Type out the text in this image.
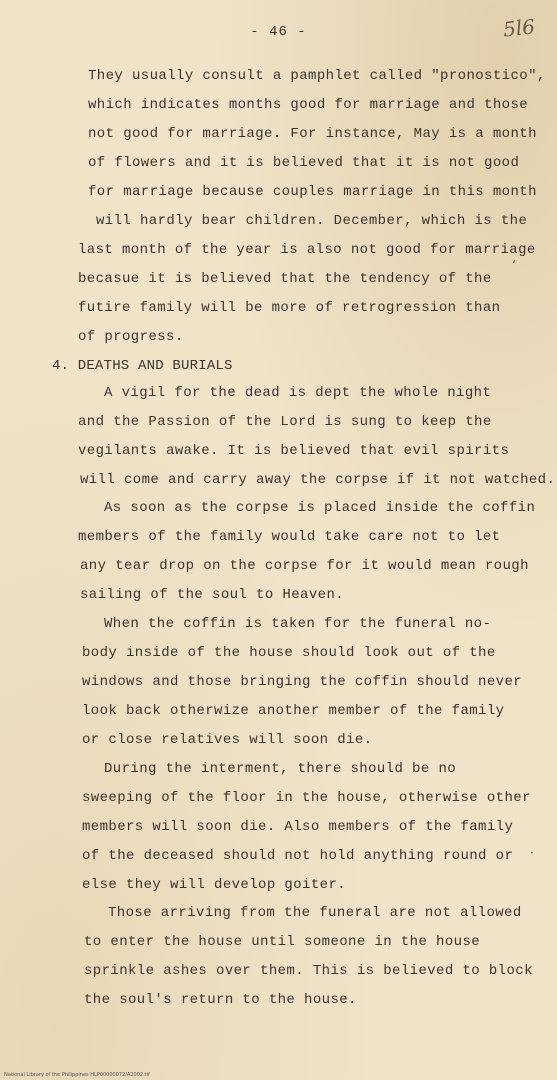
- 46 -	5l6
They usually consult a pamphlet called "pronostico",
which indicates months good for marriage and those
not good for marriage. For instance, May is a month
of flowers and it is believed that it is not good
for marriage because couples marriage in this month
will hardly bear children. December, which is the
last month of the year is also not good for marriage
becasue it is believed that the tendency of the
futire family will be more of retrogression than
of progress.
4. DEATHS AND BURIALS
A vigil for the dead is dept the whole night
and the Passion of the Lord is sung to keep the
vegilants awake. It is believed that evil spirits
will come and carry away the corpse if it not watched.
As soon as the corpse is placed inside the coffin
members of the family would take care not to let
any tear drop on the corpse for it would mean rough
sailing of the soul to Heaven.
When the coffin is taken for the funeral no-
body inside of the house should look out of the
windows and those bringing the coffin should never
look back otherwize another member of the family
or close relatives will soon die.
During the interment, there should be no
sweeping of the floor in the house, otherwise other
members will soon die. Also members of the family
of the deceased should not hold anything round or
else they will develop goiter.
Those arriving from the funeral are not allowed
to enter the house until someone in the house
sprinkle ashes over them. This is believed to block
the soul's return to the house.
ʻ
·
National Library of the Philippines HLP00000072/A2002.tif
